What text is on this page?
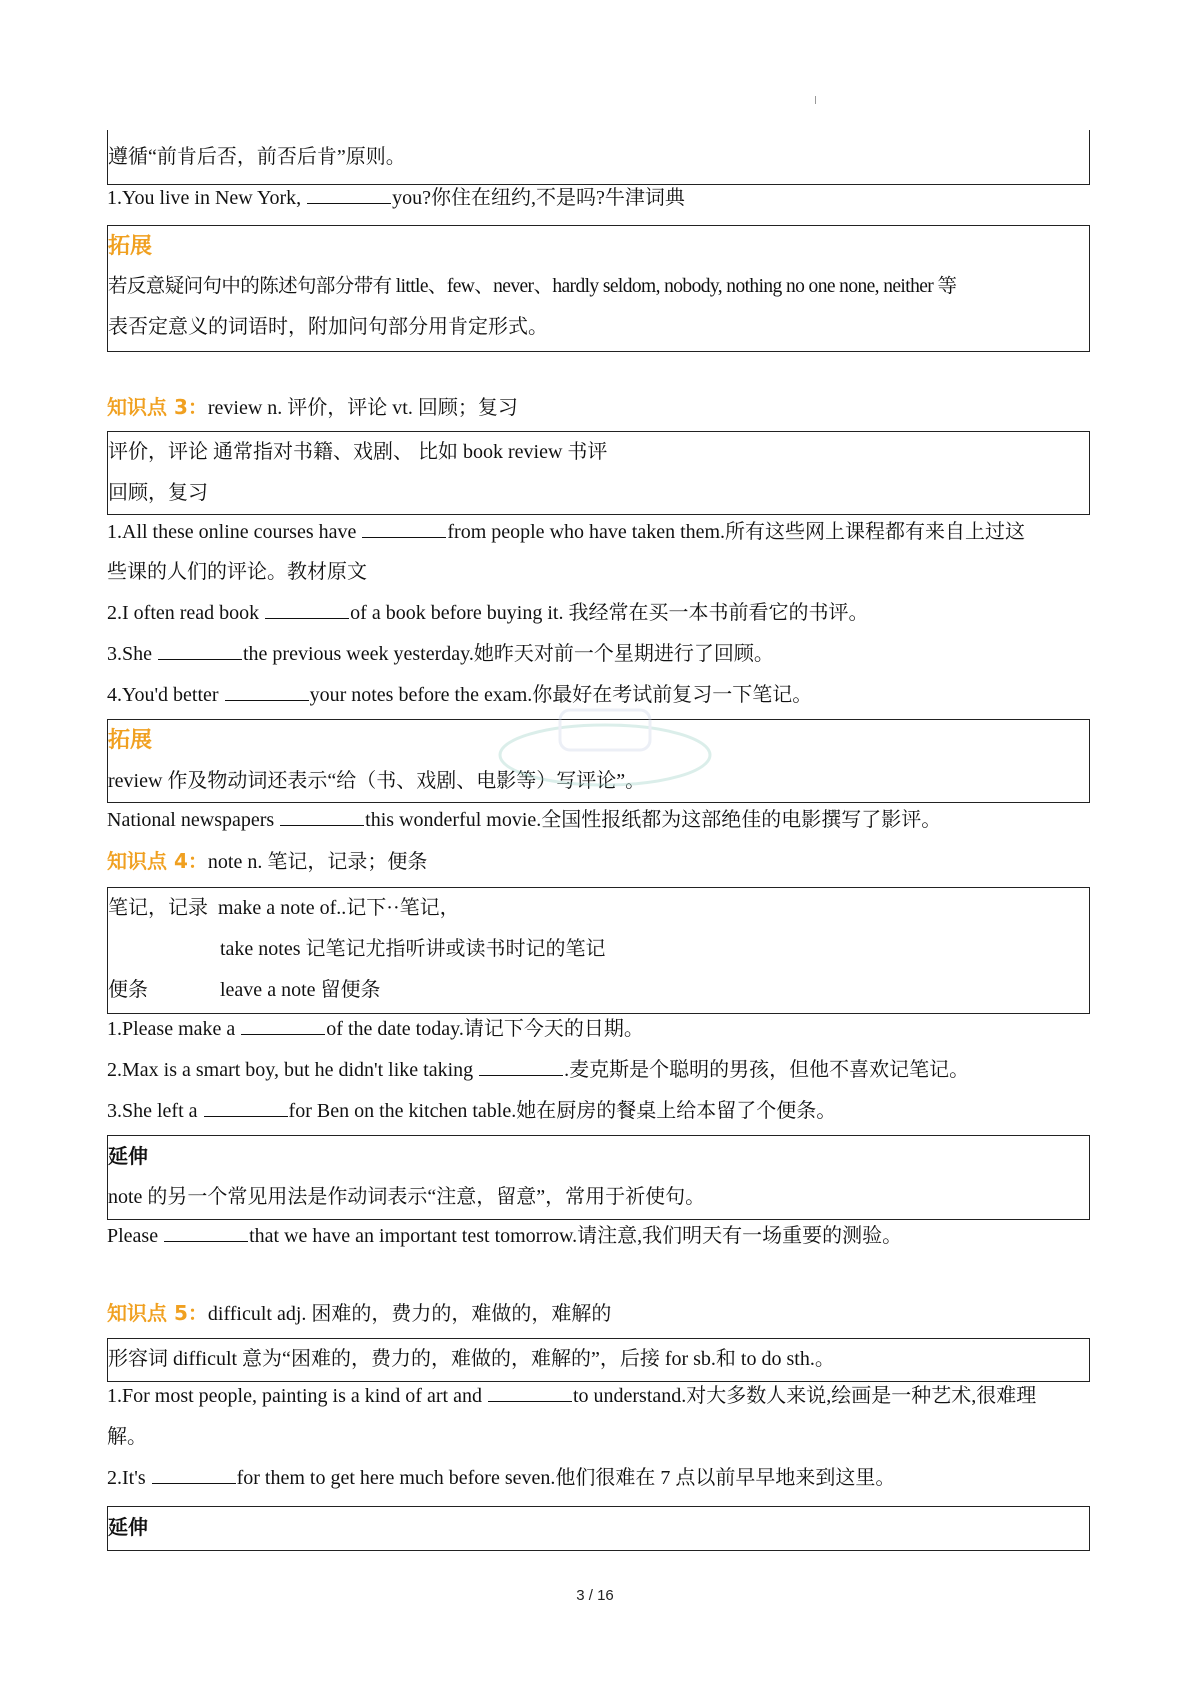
遵循“前肯后否，前否后肯”原则。
1.You live in New York,	you?你住在纽约,不是吗?牛津词典
拓展
若反意疑问句中的陈述句部分带有 little、few、never、hardly seldom, nobody, nothing no one none, neither 等
表否定意义的词语时，附加问句部分用肯定形式。
知识点 3：review n. 评价，评论 vt. 回顾；复习
评价，评论 通常指对书籍、戏剧、 比如 book review 书评
回顾，复习
1.All these online courses have	from people who have taken them.所有这些网上课程都有来自上过这
些课的人们的评论。教材原文
2.I often read book	of a book before buying it. 我经常在买一本书前看它的书评。
3.She	the previous week yesterday.她昨天对前一个星期进行了回顾。
4.You'd better	your notes before the exam.你最好在考试前复习一下笔记。
拓展
review 作及物动词还表示“给（书、戏剧、电影等）写评论”。
National newspapers	this wonderful movie.全国性报纸都为这部绝佳的电影撰写了影评。
知识点 4：note n. 笔记，记录；便条
笔记，记录 make a note of..记下··笔记，
take notes 记笔记尤指听讲或读书时记的笔记
便条	leave a note 留便条
1.Please make a	of the date today.请记下今天的日期。
2.Max is a smart boy, but he didn't like taking	.麦克斯是个聪明的男孩，但他不喜欢记笔记。
3.She left a	for Ben on the kitchen table.她在厨房的餐桌上给本留了个便条。
延伸
note 的另一个常见用法是作动词表示“注意，留意”，常用于祈使句。
Please	that we have an important test tomorrow.请注意,我们明天有一场重要的测验。
知识点 5：difficult adj. 困难的，费力的，难做的，难解的
形容词 difficult 意为“困难的，费力的，难做的，难解的”，后接 for sb.和 to do sth.。
1.For most people, painting is a kind of art and	to understand.对大多数人来说,绘画是一种艺术,很难理
解。
2.It's	for them to get here much before seven.他们很难在 7 点以前早早地来到这里。
延伸
3 / 16
